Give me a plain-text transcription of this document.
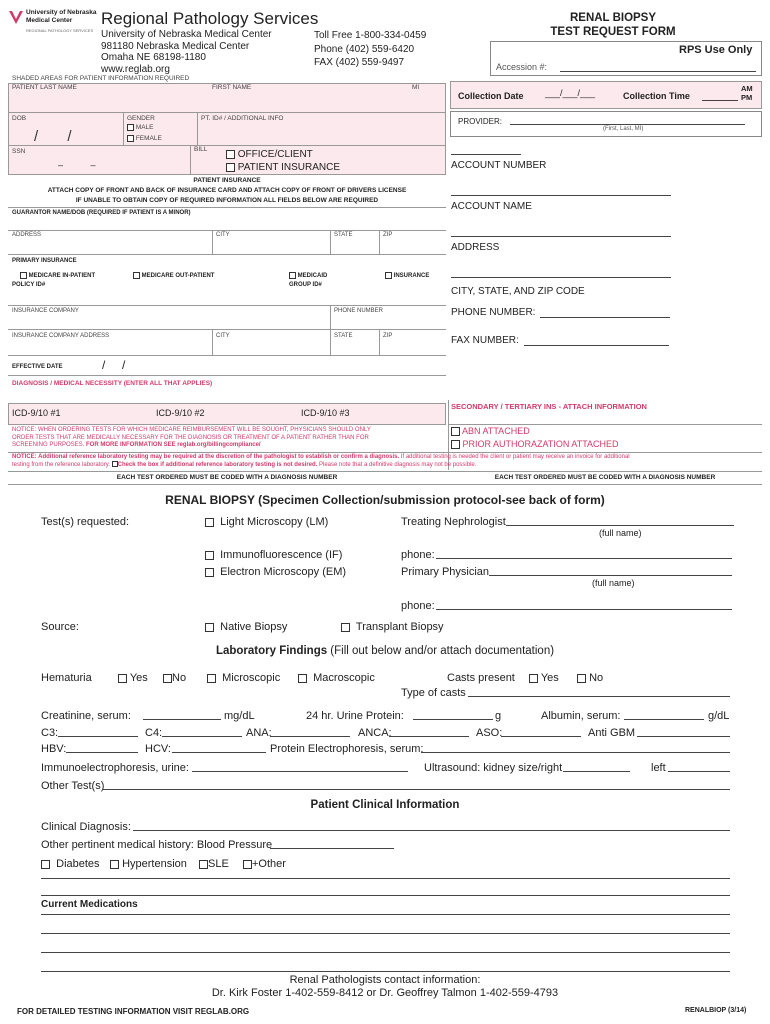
University of Nebraska
Medical Center
REGIONAL PATHOLOGY SERVICES
Regional Pathology Services
University of Nebraska Medical Center
981180 Nebraska Medical Center
Omaha NE 68198-1180
www.reglab.org
Toll Free 1-800-334-0459
Phone (402) 559-6420
FAX (402) 559-9497
RENAL BIOPSY
TEST REQUEST FORM
RPS Use Only
Accession #:
SHADED AREAS FOR PATIENT INFORMATION REQUIRED
PATIENT LAST NAME	FIRST NAME	MI
DOB
/       /
GENDER
MALE
FEMALE
PT. ID# / ADDITIONAL INFO
SSN
–           –
BILL	OFFICE/CLIENT
PATIENT INSURANCE
Collection Date ___/___/___	Collection Time
AM
PM
PROVIDER:
(First, Last, MI)
ACCOUNT NUMBER
ACCOUNT NAME
ADDRESS
CITY, STATE, AND ZIP CODE
PHONE NUMBER:
FAX NUMBER:
PATIENT INSURANCE
ATTACH COPY OF FRONT AND BACK OF INSURANCE CARD AND ATTACH COPY OF FRONT OF DRIVERS LICENSE
IF UNABLE TO OBTAIN COPY OF REQUIRED INFORMATION ALL FIELDS BELOW ARE REQUIRED
GUARANTOR NAME/DOB (REQUIRED IF PATIENT IS A MINOR)
ADDRESS	CITY	STATE	ZIP
PRIMARY INSURANCE
MEDICARE IN-PATIENT	MEDICARE OUT-PATIENT	MEDICAID	INSURANCE
POLICY ID#	GROUP ID#
INSURANCE COMPANY	PHONE NUMBER
INSURANCE COMPANY ADDRESS	CITY	STATE	ZIP
EFFECTIVE DATE	/     /
DIAGNOSIS / MEDICAL NECESSITY (ENTER ALL THAT APPLIES)
ICD-9/10 #1	ICD-9/10 #2	ICD-9/10 #3
NOTICE: WHEN ORDERING TESTS FOR WHICH MEDICARE REIMBURSEMENT WILL BE SOUGHT, PHYSICIANS SHOULD ONLY
ORDER TESTS THAT ARE MEDICALLY NECESSARY FOR THE DIAGNOSIS OR TREATMENT OF A PATIENT RATHER THAN FOR
SCREENING PURPOSES. FOR MORE INFORMATION SEE reglab.org/billingcompliance/
SECONDARY / TERTIARY INS - ATTACH INFORMATION
ABN ATTACHED
PRIOR AUTHORAZATION ATTACHED
NOTICE: Additional reference laboratory testing may be required at the discretion of the pathologist to establish or confirm a diagnosis. If additional testing is needed the client or patient may receive an invoice for additional
testing from the reference laboratory. Check the box if additional reference laboratory testing is not desired. Please note that a definitive diagnosis may not be possible.
EACH TEST ORDERED MUST BE CODED WITH A DIAGNOSIS NUMBER	EACH TEST ORDERED MUST BE CODED WITH A DIAGNOSIS NUMBER
RENAL BIOPSY (Specimen Collection/submission protocol-see back of form)
Test(s) requested:	Light Microscopy (LM)
Immunofluorescence (IF)
Electron Microscopy (EM)
Treating Nephrologist
(full name)
phone:
Primary Physician
(full name)
phone:
Source:	Native Biopsy	Transplant Biopsy
Laboratory Findings (Fill out below and/or attach documentation)
Hematuria	Yes	No	Microscopic	Macroscopic	Casts present	Yes	No
Type of casts
Creatinine, serum:	mg/dL	24 hr. Urine Protein:	g	Albumin, serum:	g/dL
C3:	C4:	ANA:	ANCA:	ASO:	Anti GBM
HBV:	HCV:	Protein Electrophoresis, serum:
Immunoelectrophoresis, urine:	Ultrasound: kidney size/right	left
Other Test(s)
Patient Clinical Information
Clinical Diagnosis:
Other pertinent medical history: Blood Pressure
Diabetes	Hypertension	SLE	+Other
Current Medications
Renal Pathologists contact information:
Dr. Kirk Foster 1-402-559-8412 or Dr. Geoffrey Talmon 1-402-559-4793
FOR DETAILED TESTING INFORMATION VISIT REGLAB.ORG	RENALBIOP (3/14)
